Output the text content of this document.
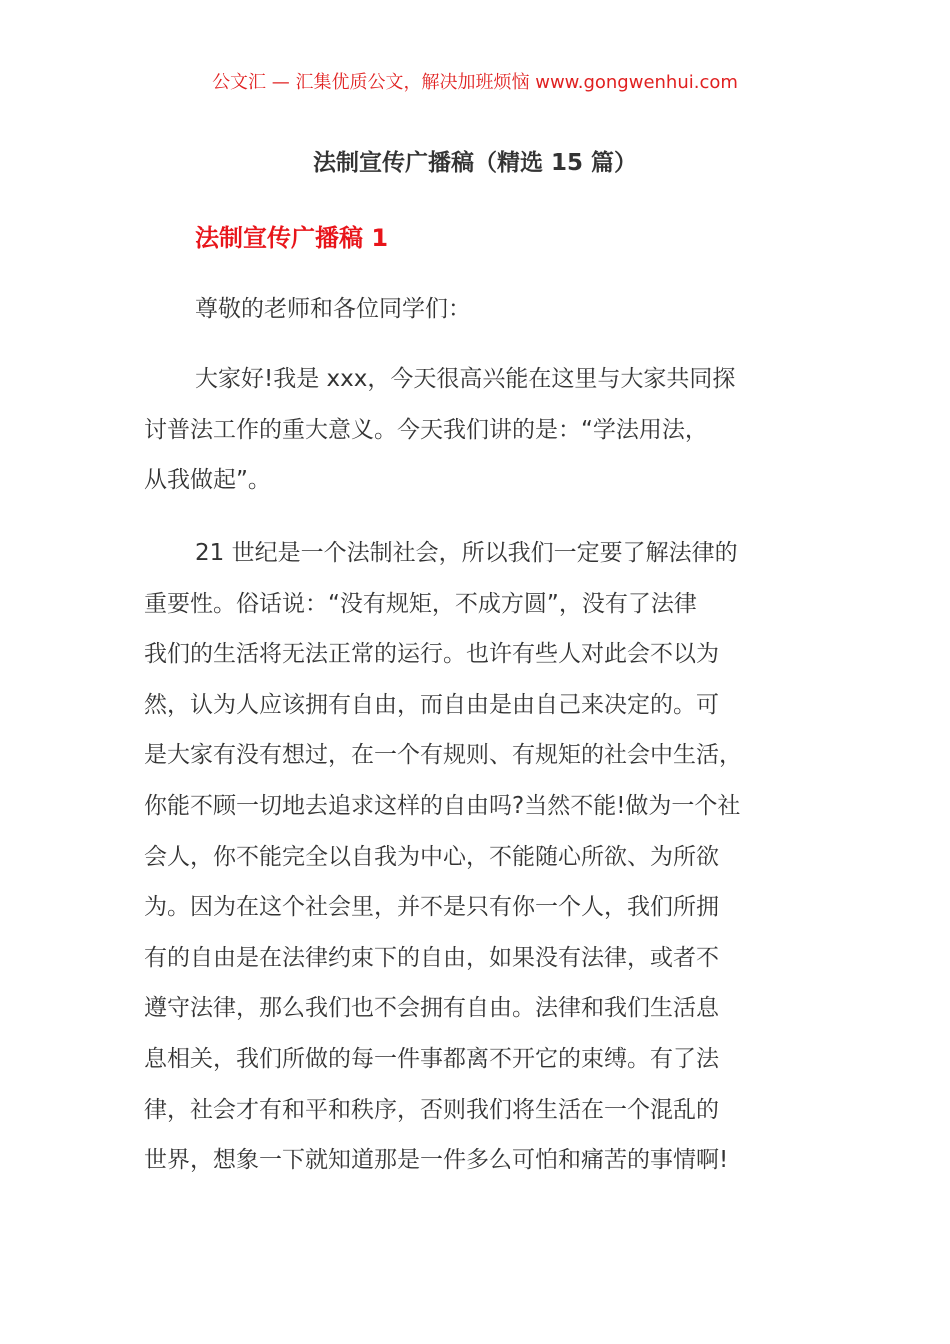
公文汇 — 汇集优质公文，解决加班烦恼 www.gongwenhui.com
法制宣传广播稿（精选 15 篇）
法制宣传广播稿 1
尊敬的老师和各位同学们：
大家好!我是 xxx，今天很高兴能在这里与大家共同探
讨普法工作的重大意义。今天我们讲的是：“学法用法，
从我做起”。
21 世纪是一个法制社会，所以我们一定要了解法律的
重要性。俗话说：“没有规矩，不成方圆”，没有了法律
我们的生活将无法正常的运行。也许有些人对此会不以为
然，认为人应该拥有自由，而自由是由自己来决定的。可
是大家有没有想过，在一个有规则、有规矩的社会中生活，
你能不顾一切地去追求这样的自由吗?当然不能!做为一个社
会人，你不能完全以自我为中心，不能随心所欲、为所欲
为。因为在这个社会里，并不是只有你一个人，我们所拥
有的自由是在法律约束下的自由，如果没有法律，或者不
遵守法律，那么我们也不会拥有自由。法律和我们生活息
息相关，我们所做的每一件事都离不开它的束缚。有了法
律，社会才有和平和秩序，否则我们将生活在一个混乱的
世界，想象一下就知道那是一件多么可怕和痛苦的事情啊!
